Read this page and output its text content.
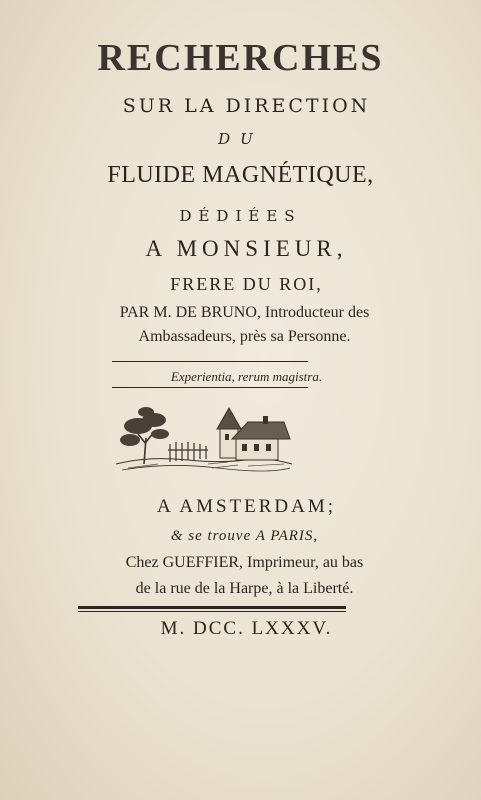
RECHERCHES
SUR LA DIRECTION
DU
FLUIDE MAGNÉTIQUE,
DÉDIÉES
A MONSIEUR,
FRERE DU ROI,
PAR M. DE BRUNO, Introducteur des
Ambassadeurs, près sa Personne.
Experientia, rerum magistra.
A AMSTERDAM;
& se trouve A PARIS,
Chez GUEFFIER, Imprimeur, au bas
de la rue de la Harpe, à la Liberté.
M. DCC. LXXXV.
